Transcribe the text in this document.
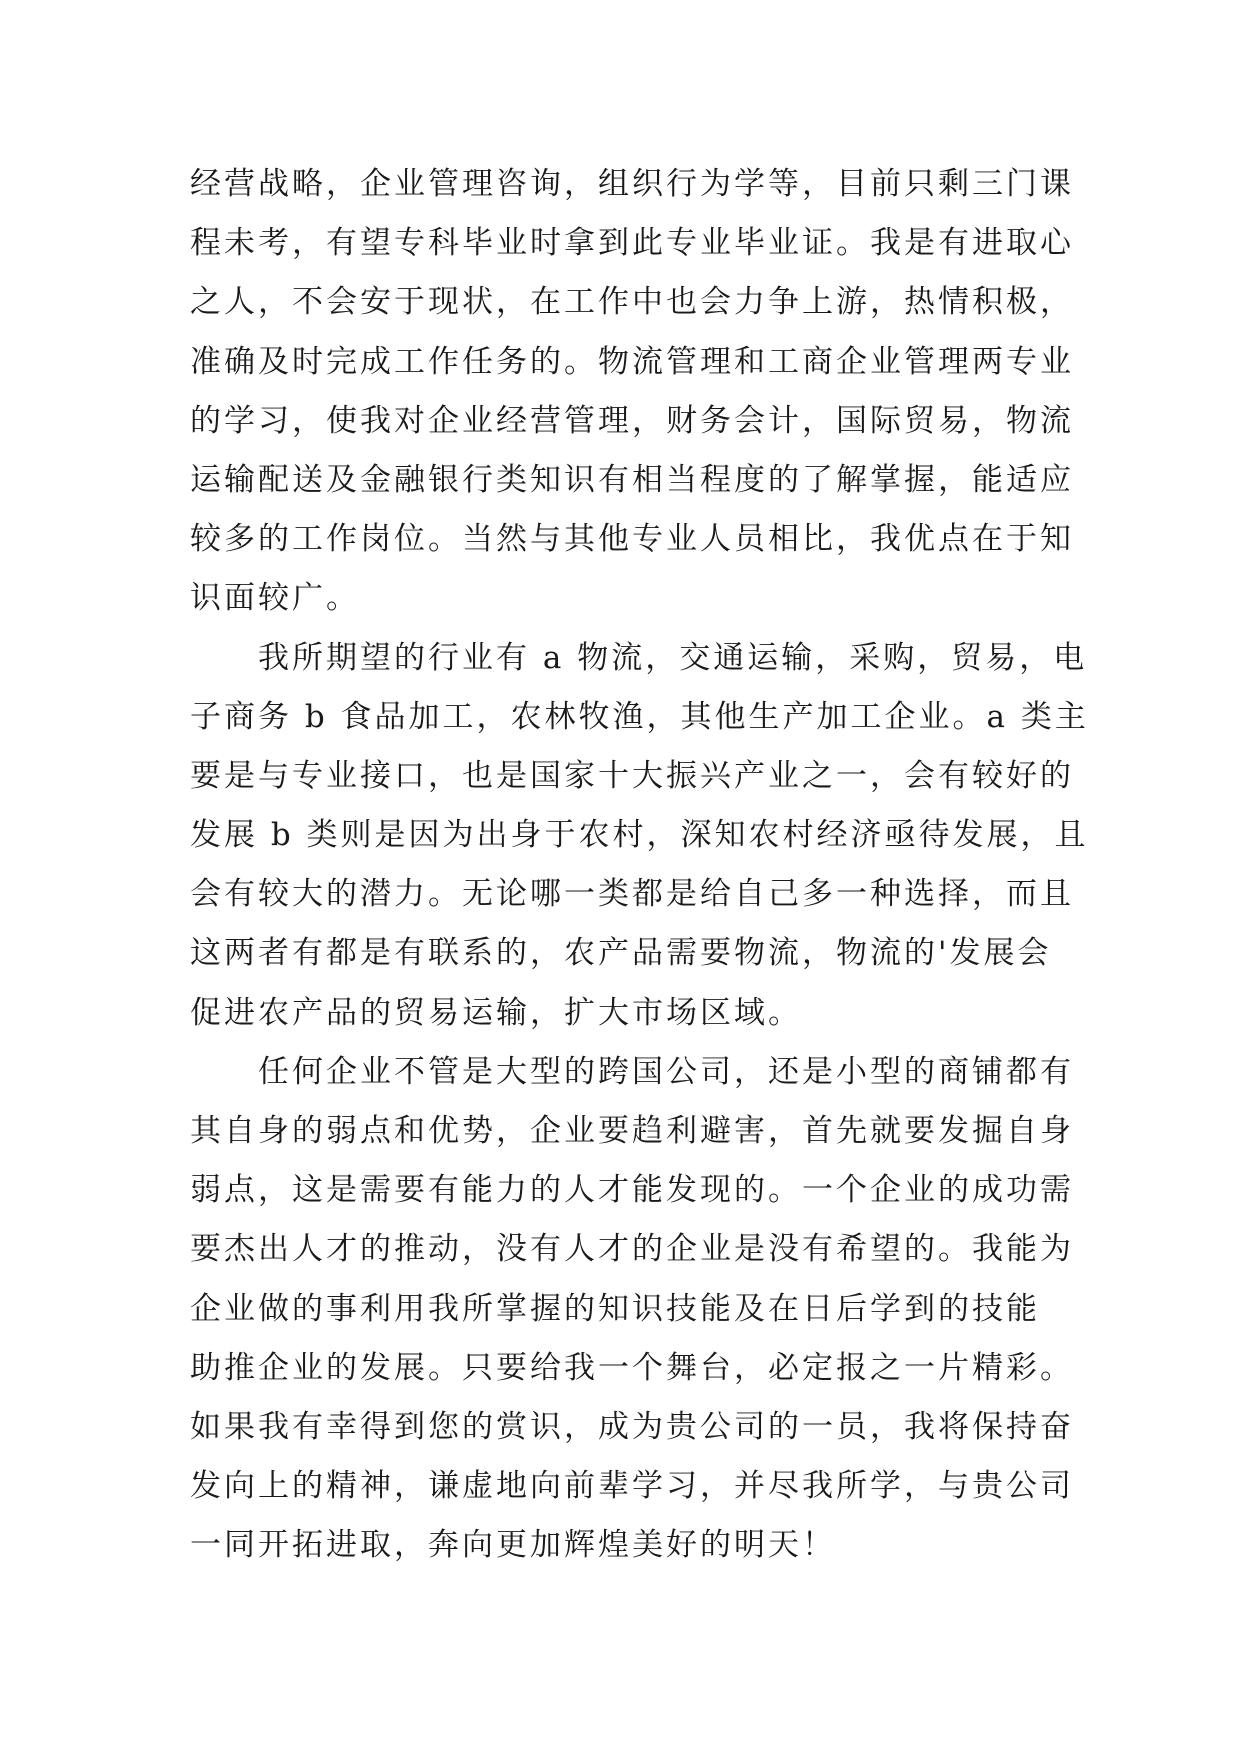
经营战略，企业管理咨询，组织行为学等，目前只剩三门课
程未考，有望专科毕业时拿到此专业毕业证。我是有进取心
之人，不会安于现状，在工作中也会力争上游，热情积极，
准确及时完成工作任务的。物流管理和工商企业管理两专业
的学习，使我对企业经营管理，财务会计，国际贸易，物流
运输配送及金融银行类知识有相当程度的了解掌握，能适应
较多的工作岗位。当然与其他专业人员相比，我优点在于知
识面较广。
我所期望的行业有 a 物流，交通运输，采购，贸易，电
子商务 b 食品加工，农林牧渔，其他生产加工企业。a 类主
要是与专业接口，也是国家十大振兴产业之一，会有较好的
发展 b 类则是因为出身于农村，深知农村经济亟待发展，且
会有较大的潜力。无论哪一类都是给自己多一种选择，而且
这两者有都是有联系的，农产品需要物流，物流的'发展会
促进农产品的贸易运输，扩大市场区域。
任何企业不管是大型的跨国公司，还是小型的商铺都有
其自身的弱点和优势，企业要趋利避害，首先就要发掘自身
弱点，这是需要有能力的人才能发现的。一个企业的成功需
要杰出人才的推动，没有人才的企业是没有希望的。我能为
企业做的事利用我所掌握的知识技能及在日后学到的技能
助推企业的发展。只要给我一个舞台，必定报之一片精彩。
如果我有幸得到您的赏识，成为贵公司的一员，我将保持奋
发向上的精神，谦虚地向前辈学习，并尽我所学，与贵公司
一同开拓进取，奔向更加辉煌美好的明天！
